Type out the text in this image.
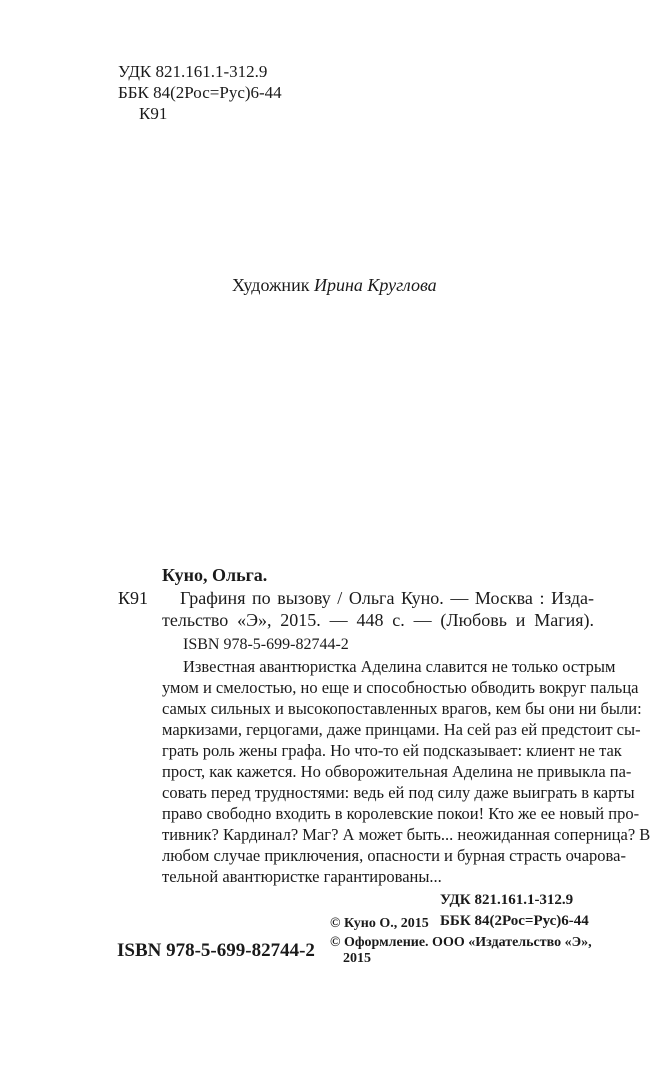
УДК 821.161.1-312.9
ББК 84(2Рос=Рус)6-44
К91
Художник Ирина Круглова
Куно, Ольга.
К91 Графиня по вызову / Ольга Куно. — Москва : Изда-
тельство «Э», 2015. — 448 с. — (Любовь и Магия).
ISBN 978-5-699-82744-2
Известная авантюристка Аделина славится не только острым
умом и смелостью, но еще и способностью обводить вокруг пальца
самых сильных и высокопоставленных врагов, кем бы они ни были:
маркизами, герцогами, даже принцами. На сей раз ей предстоит сы-
грать роль жены графа. Но что-то ей подсказывает: клиент не так
прост, как кажется. Но обворожительная Аделина не привыкла па-
совать перед трудностями: ведь ей под силу даже выиграть в карты
право свободно входить в королевские покои! Кто же ее новый про-
тивник? Кардинал? Маг? А может быть... неожиданная соперница? В
любом случае приключения, опасности и бурная страсть очарова-
тельной авантюристке гарантированы...
УДК 821.161.1-312.9
ББК 84(2Рос=Рус)6-44
© Куно О., 2015
© Оформление. ООО «Издательство «Э»,
2015
ISBN 978-5-699-82744-2
